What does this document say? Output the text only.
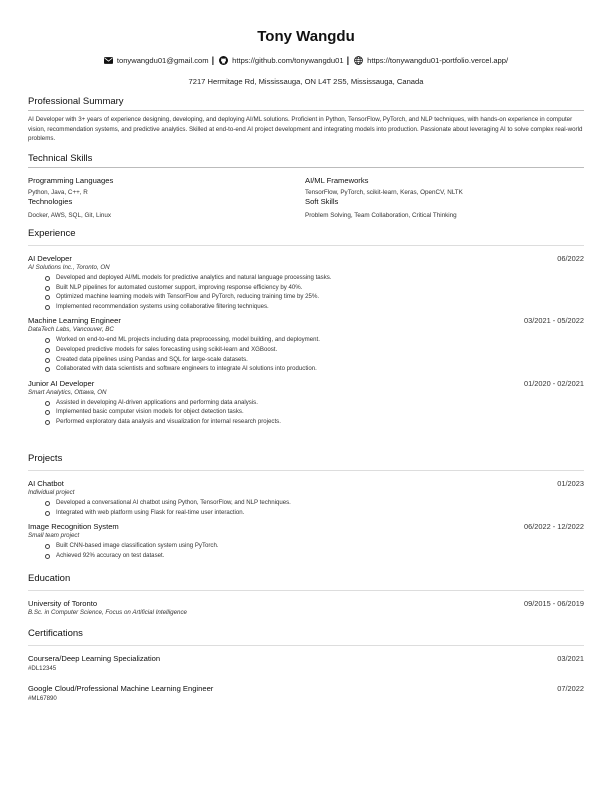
Tony Wangdu
tonywangdu01@gmail.com | https://github.com/tonywangdu01 | https://tonywangdu01-portfolio.vercel.app/
7217 Hermitage Rd, Mississauga, ON L4T 2S5, Mississauga, Canada
Professional Summary
AI Developer with 3+ years of experience designing, developing, and deploying AI/ML solutions. Proficient in Python, TensorFlow, PyTorch, and NLP techniques, with hands-on experience in computer vision, recommendation systems, and predictive analytics. Skilled at end-to-end AI project development and integrating models into production. Passionate about leveraging AI to solve complex real-world problems.
Technical Skills
Programming Languages
Python, Java, C++, R
AI/ML Frameworks
TensorFlow, PyTorch, scikit-learn, Keras, OpenCV, NLTK
Technologies
Docker, AWS, SQL, Git, Linux
Soft Skills
Problem Solving, Team Collaboration, Critical Thinking
Experience
AI Developer	06/2022
AI Solutions Inc., Toronto, ON
Developed and deployed AI/ML models for predictive analytics and natural language processing tasks.
Built NLP pipelines for automated customer support, improving response efficiency by 40%.
Optimized machine learning models with TensorFlow and PyTorch, reducing training time by 25%.
Implemented recommendation systems using collaborative filtering techniques.
Machine Learning Engineer	03/2021 - 05/2022
DataTech Labs, Vancouver, BC
Worked on end-to-end ML projects including data preprocessing, model building, and deployment.
Developed predictive models for sales forecasting using scikit-learn and XGBoost.
Created data pipelines using Pandas and SQL for large-scale datasets.
Collaborated with data scientists and software engineers to integrate AI solutions into production.
Junior AI Developer	01/2020 - 02/2021
Smart Analytics, Ottawa, ON
Assisted in developing AI-driven applications and performing data analysis.
Implemented basic computer vision models for object detection tasks.
Performed exploratory data analysis and visualization for internal research projects.
Projects
AI Chatbot	01/2023
Individual project
Developed a conversational AI chatbot using Python, TensorFlow, and NLP techniques.
Integrated with web platform using Flask for real-time user interaction.
Image Recognition System	06/2022 - 12/2022
Small team project
Built CNN-based image classification system using PyTorch.
Achieved 92% accuracy on test dataset.
Education
University of Toronto	09/2015 - 06/2019
B.Sc. in Computer Science, Focus on Artificial Intelligence
Certifications
Coursera/Deep Learning Specialization	03/2021
#DL12345
Google Cloud/Professional Machine Learning Engineer	07/2022
#ML67890
